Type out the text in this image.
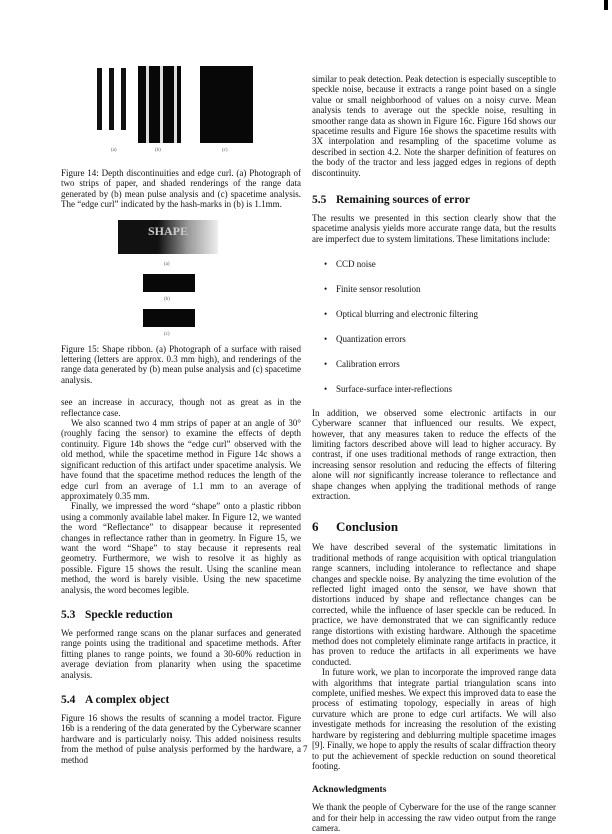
(a)	(b)	(c)
Figure 14: Depth discontinuities and edge curl. (a) Photograph of two strips of paper, and shaded renderings of the range data generated by (b) mean pulse analysis and (c) spacetime analysis. The “edge curl” indicated by the hash-marks in (b) is 1.1mm.
SHAPE
(a)
(b)
(c)
Figure 15: Shape ribbon. (a) Photograph of a surface with raised lettering (letters are approx. 0.3 mm high), and renderings of the range data generated by (b) mean pulse analysis and (c) spacetime analysis.

see an increase in accuracy, though not as great as in the reflectance case.

We also scanned two 4 mm strips of paper at an angle of 30° (roughly facing the sensor) to examine the effects of depth continuity. Figure 14b shows the “edge curl” observed with the old method, while the spacetime method in Figure 14c shows a significant reduction of this artifact under spacetime analysis. We have found that the spacetime method reduces the length of the edge curl from an average of 1.1 mm to an average of approximately 0.35 mm.

Finally, we impressed the word “shape” onto a plastic ribbon using a commonly available label maker. In Figure 12, we wanted the word “Reflectance” to disappear because it represented changes in reflectance rather than in geometry. In Figure 15, we want the word “Shape” to stay because it represents real geometry. Furthermore, we wish to resolve it as highly as possible. Figure 15 shows the result. Using the scanline mean method, the word is barely visible. Using the new spacetime analysis, the word becomes legible.

5.3 Speckle reduction
We performed range scans on the planar surfaces and generated range points using the traditional and spacetime methods. After fitting planes to range points, we found a 30-60% reduction in average deviation from planarity when using the spacetime analysis.
5.4 A complex object
Figure 16 shows the results of scanning a model tractor. Figure 16b is a rendering of the data generated by the Cyberware scanner hardware and is particularly noisy. This added noisiness results from the method of pulse analysis performed by the hardware, a method
similar to peak detection. Peak detection is especially susceptible to speckle noise, because it extracts a range point based on a single value or small neighborhood of values on a noisy curve. Mean analysis tends to average out the speckle noise, resulting in smoother range data as shown in Figure 16c. Figure 16d shows our spacetime results and Figure 16e shows the spacetime results with 3X interpolation and resampling of the spacetime volume as described in section 4.2. Note the sharper definition of features on the body of the tractor and less jagged edges in regions of depth discontinuity.
5.5 Remaining sources of error
The results we presented in this section clearly show that the spacetime analysis yields more accurate range data, but the results are imperfect due to system limitations. These limitations include:
• CCD noise
• Finite sensor resolution
• Optical blurring and electronic filtering
• Quantization errors
• Calibration errors
• Surface-surface inter-reflections
In addition, we observed some electronic artifacts in our Cyberware scanner that influenced our results. We expect, however, that any measures taken to reduce the effects of the limiting factors described above will lead to higher accuracy. By contrast, if one uses traditional methods of range extraction, then increasing sensor resolution and reducing the effects of filtering alone will not significantly increase tolerance to reflectance and shape changes when applying the traditional methods of range extraction.
6 Conclusion

We have described several of the systematic limitations in traditional methods of range acquisition with optical triangulation range scanners, including intolerance to reflectance and shape changes and speckle noise. By analyzing the time evolution of the reflected light imaged onto the sensor, we have shown that distortions induced by shape and reflectance changes can be corrected, while the influence of laser speckle can be reduced. In practice, we have demonstrated that we can significantly reduce range distortions with existing hardware. Although the spacetime method does not completely eliminate range artifacts in practice, it has proven to reduce the artifacts in all experiments we have conducted.

In future work, we plan to incorporate the improved range data with algorithms that integrate partial triangulation scans into complete, unified meshes. We expect this improved data to ease the process of estimating topology, especially in areas of high curvature which are prone to edge curl artifacts. We will also investigate methods for increasing the resolution of the existing hardware by registering and deblurring multiple spacetime images [9]. Finally, we hope to apply the results of scalar diffraction theory to put the achievement of speckle reduction on sound theoretical footing.

Acknowledgments
We thank the people of Cyberware for the use of the range scanner and for their help in accessing the raw video output from the range camera.
7
